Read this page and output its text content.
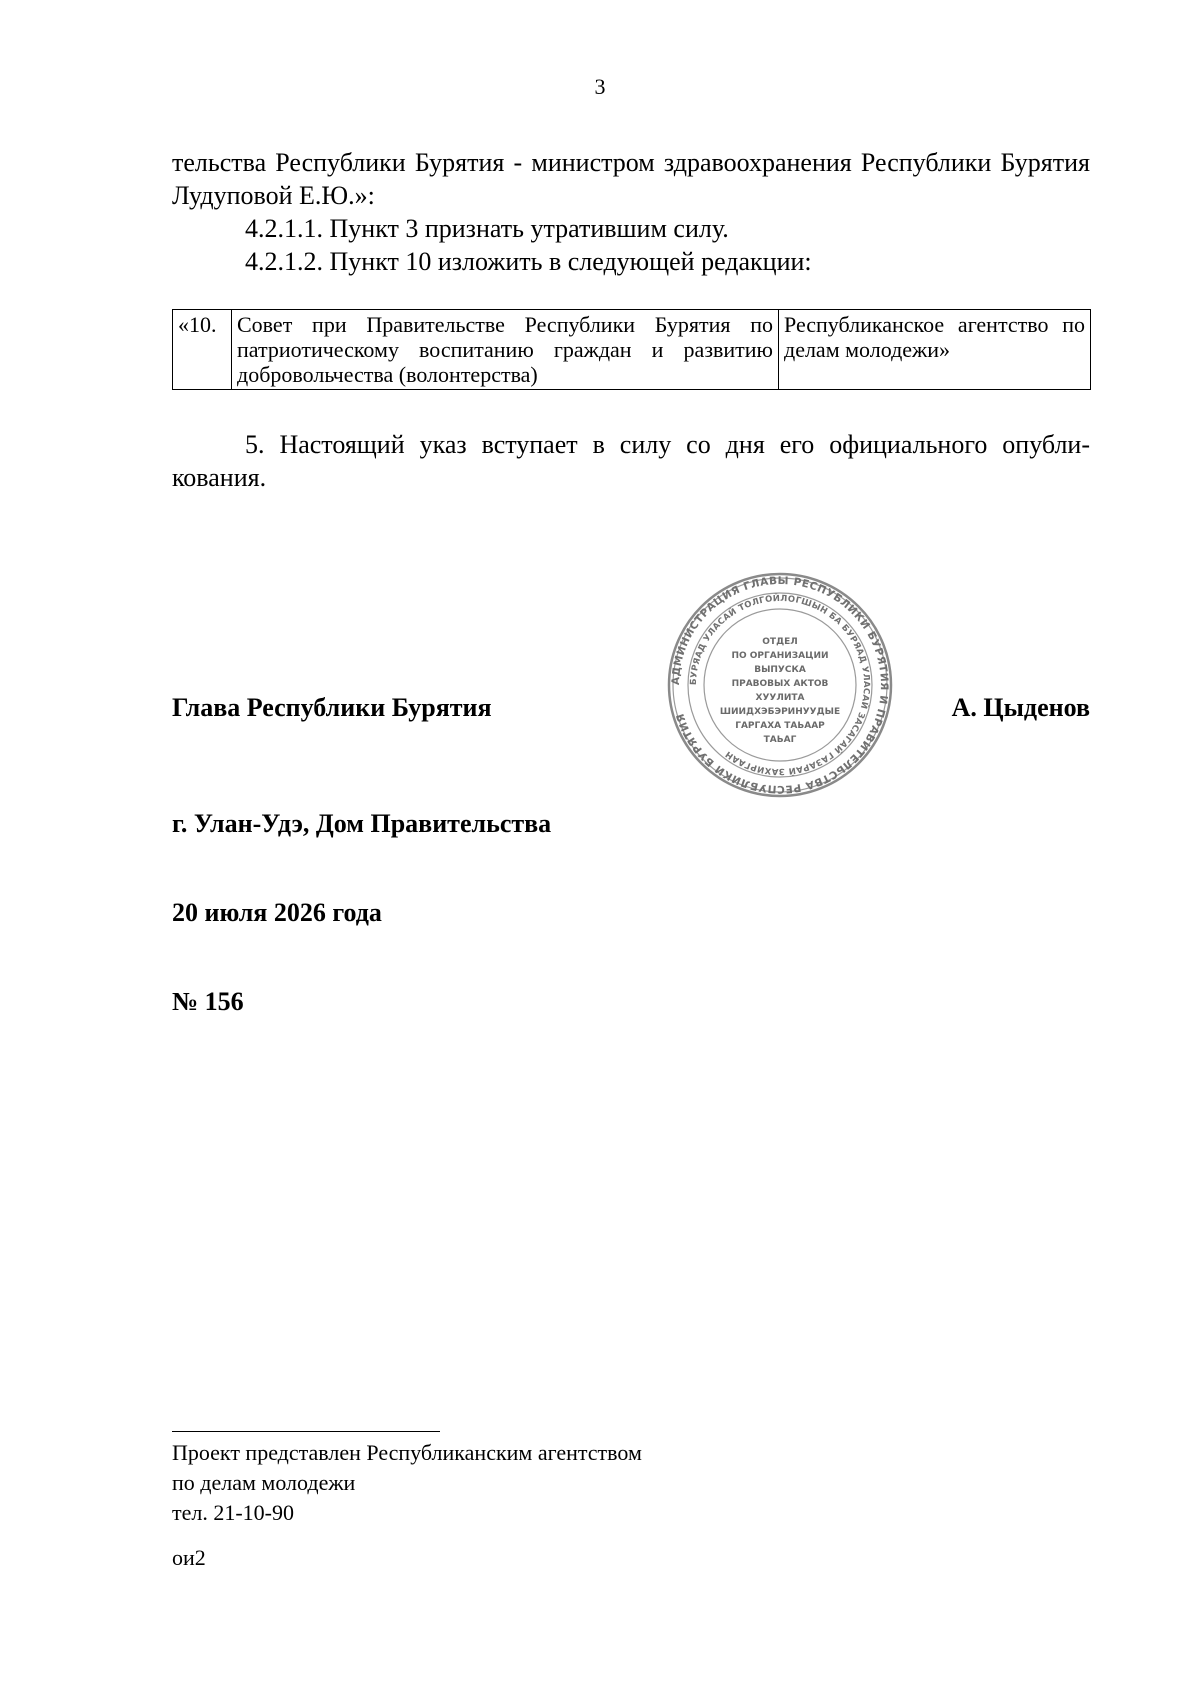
3
тельства Республики Бурятия - министром здравоохранения Республики Бурятия Лудуповой Е.Ю.»:
4.2.1.1. Пункт 3 признать утратившим силу.
4.2.1.2. Пункт 10 изложить в следующей редакции:
«10.	Совет при Правительстве Республики Бурятия по патриотическому воспитанию граждан и развитию добровольчества (волонтерства)	Республиканское агентство по делам молодежи»
5. Настоящий указ вступает в силу со дня его официального опубли-кования.
Глава Республики Бурятия
АДМИНИСТРАЦИЯ ГЛАВЫ РЕСПУБЛИКИ БУРЯТИЯ И ПРАВИТЕЛЬСТВА РЕСПУБЛИКИ БУРЯТИЯ
БУРЯАД УЛАСАЙ ТОЛГОЙЛОГШЫН БА БУРЯАД УЛАСАЙ ЗАСАГАЙ ГАЗАРАЙ ЗАХИРГААН
ОТДЕЛ
ПО ОРГАНИЗАЦИИ
ВЫПУСКА
ПРАВОВЫХ АКТОВ
ХУУЛИТА
ШИИДХЭБЭРИНУУДЫЕ
ГАРГАХА ТАЬААР
ТАЬАГ
А. Цыденов
г. Улан-Удэ, Дом Правительства
20 июля 2026 года
№ 156
Проект представлен Республиканским агентством
по делам молодежи
тел. 21-10-90
ои2
